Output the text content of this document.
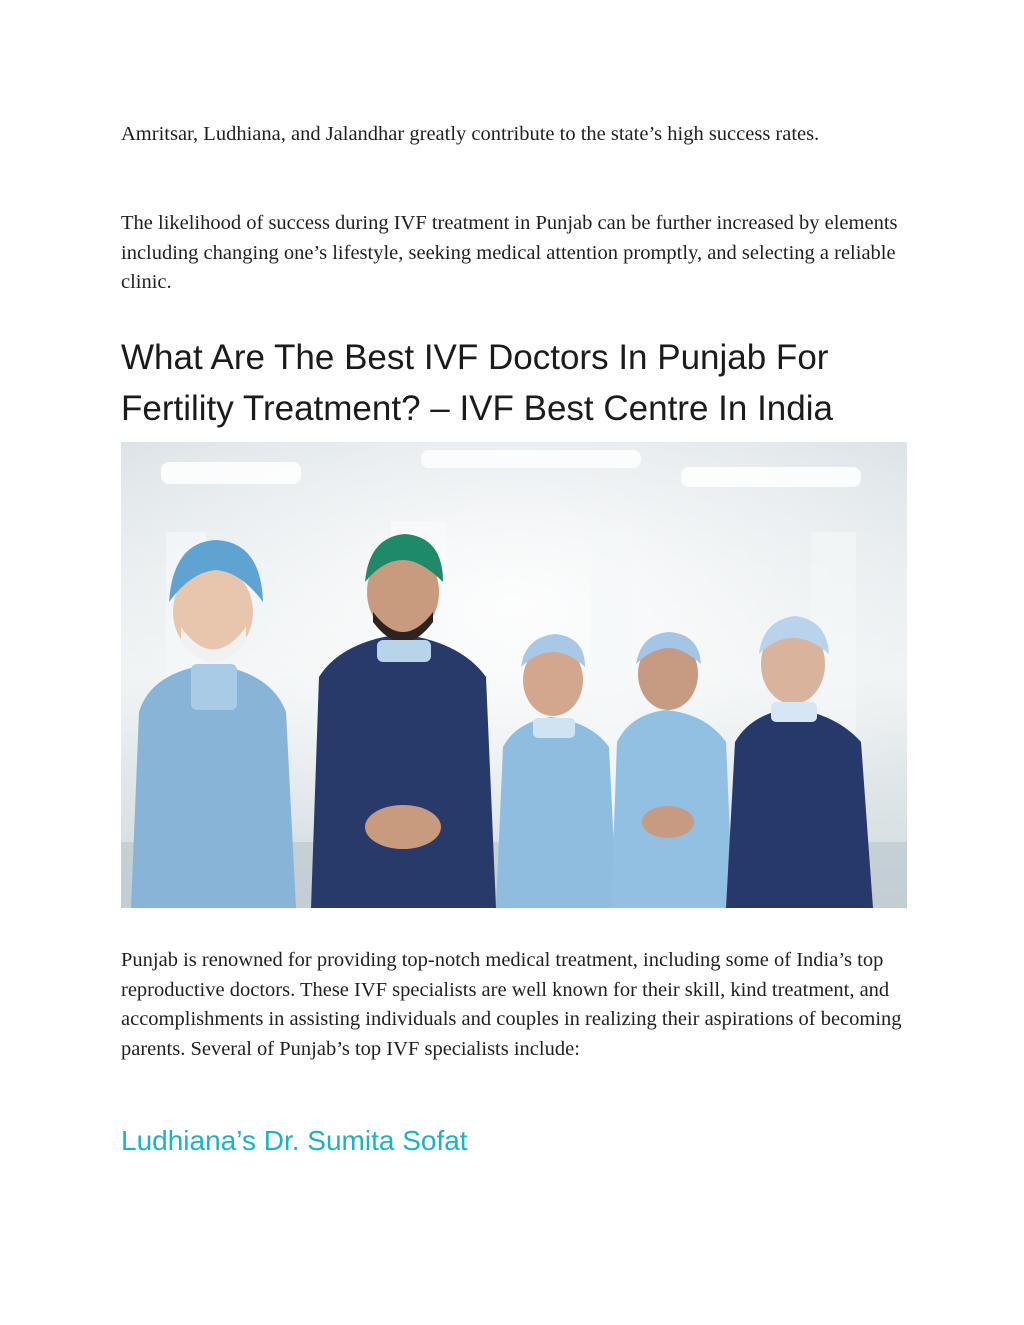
Amritsar, Ludhiana, and Jalandhar greatly contribute to the state’s high success rates.

The likelihood of success during IVF treatment in Punjab can be further increased by elements including changing one’s lifestyle, seeking medical attention promptly, and selecting a reliable clinic.

What Are The Best IVF Doctors In Punjab For Fertility Treatment? – IVF Best Centre In India

Punjab is renowned for providing top-notch medical treatment, including some of India’s top reproductive doctors. These IVF specialists are well known for their skill, kind treatment, and accomplishments in assisting individuals and couples in realizing their aspirations of becoming parents. Several of Punjab’s top IVF specialists include:

Ludhiana’s Dr. Sumita Sofat
